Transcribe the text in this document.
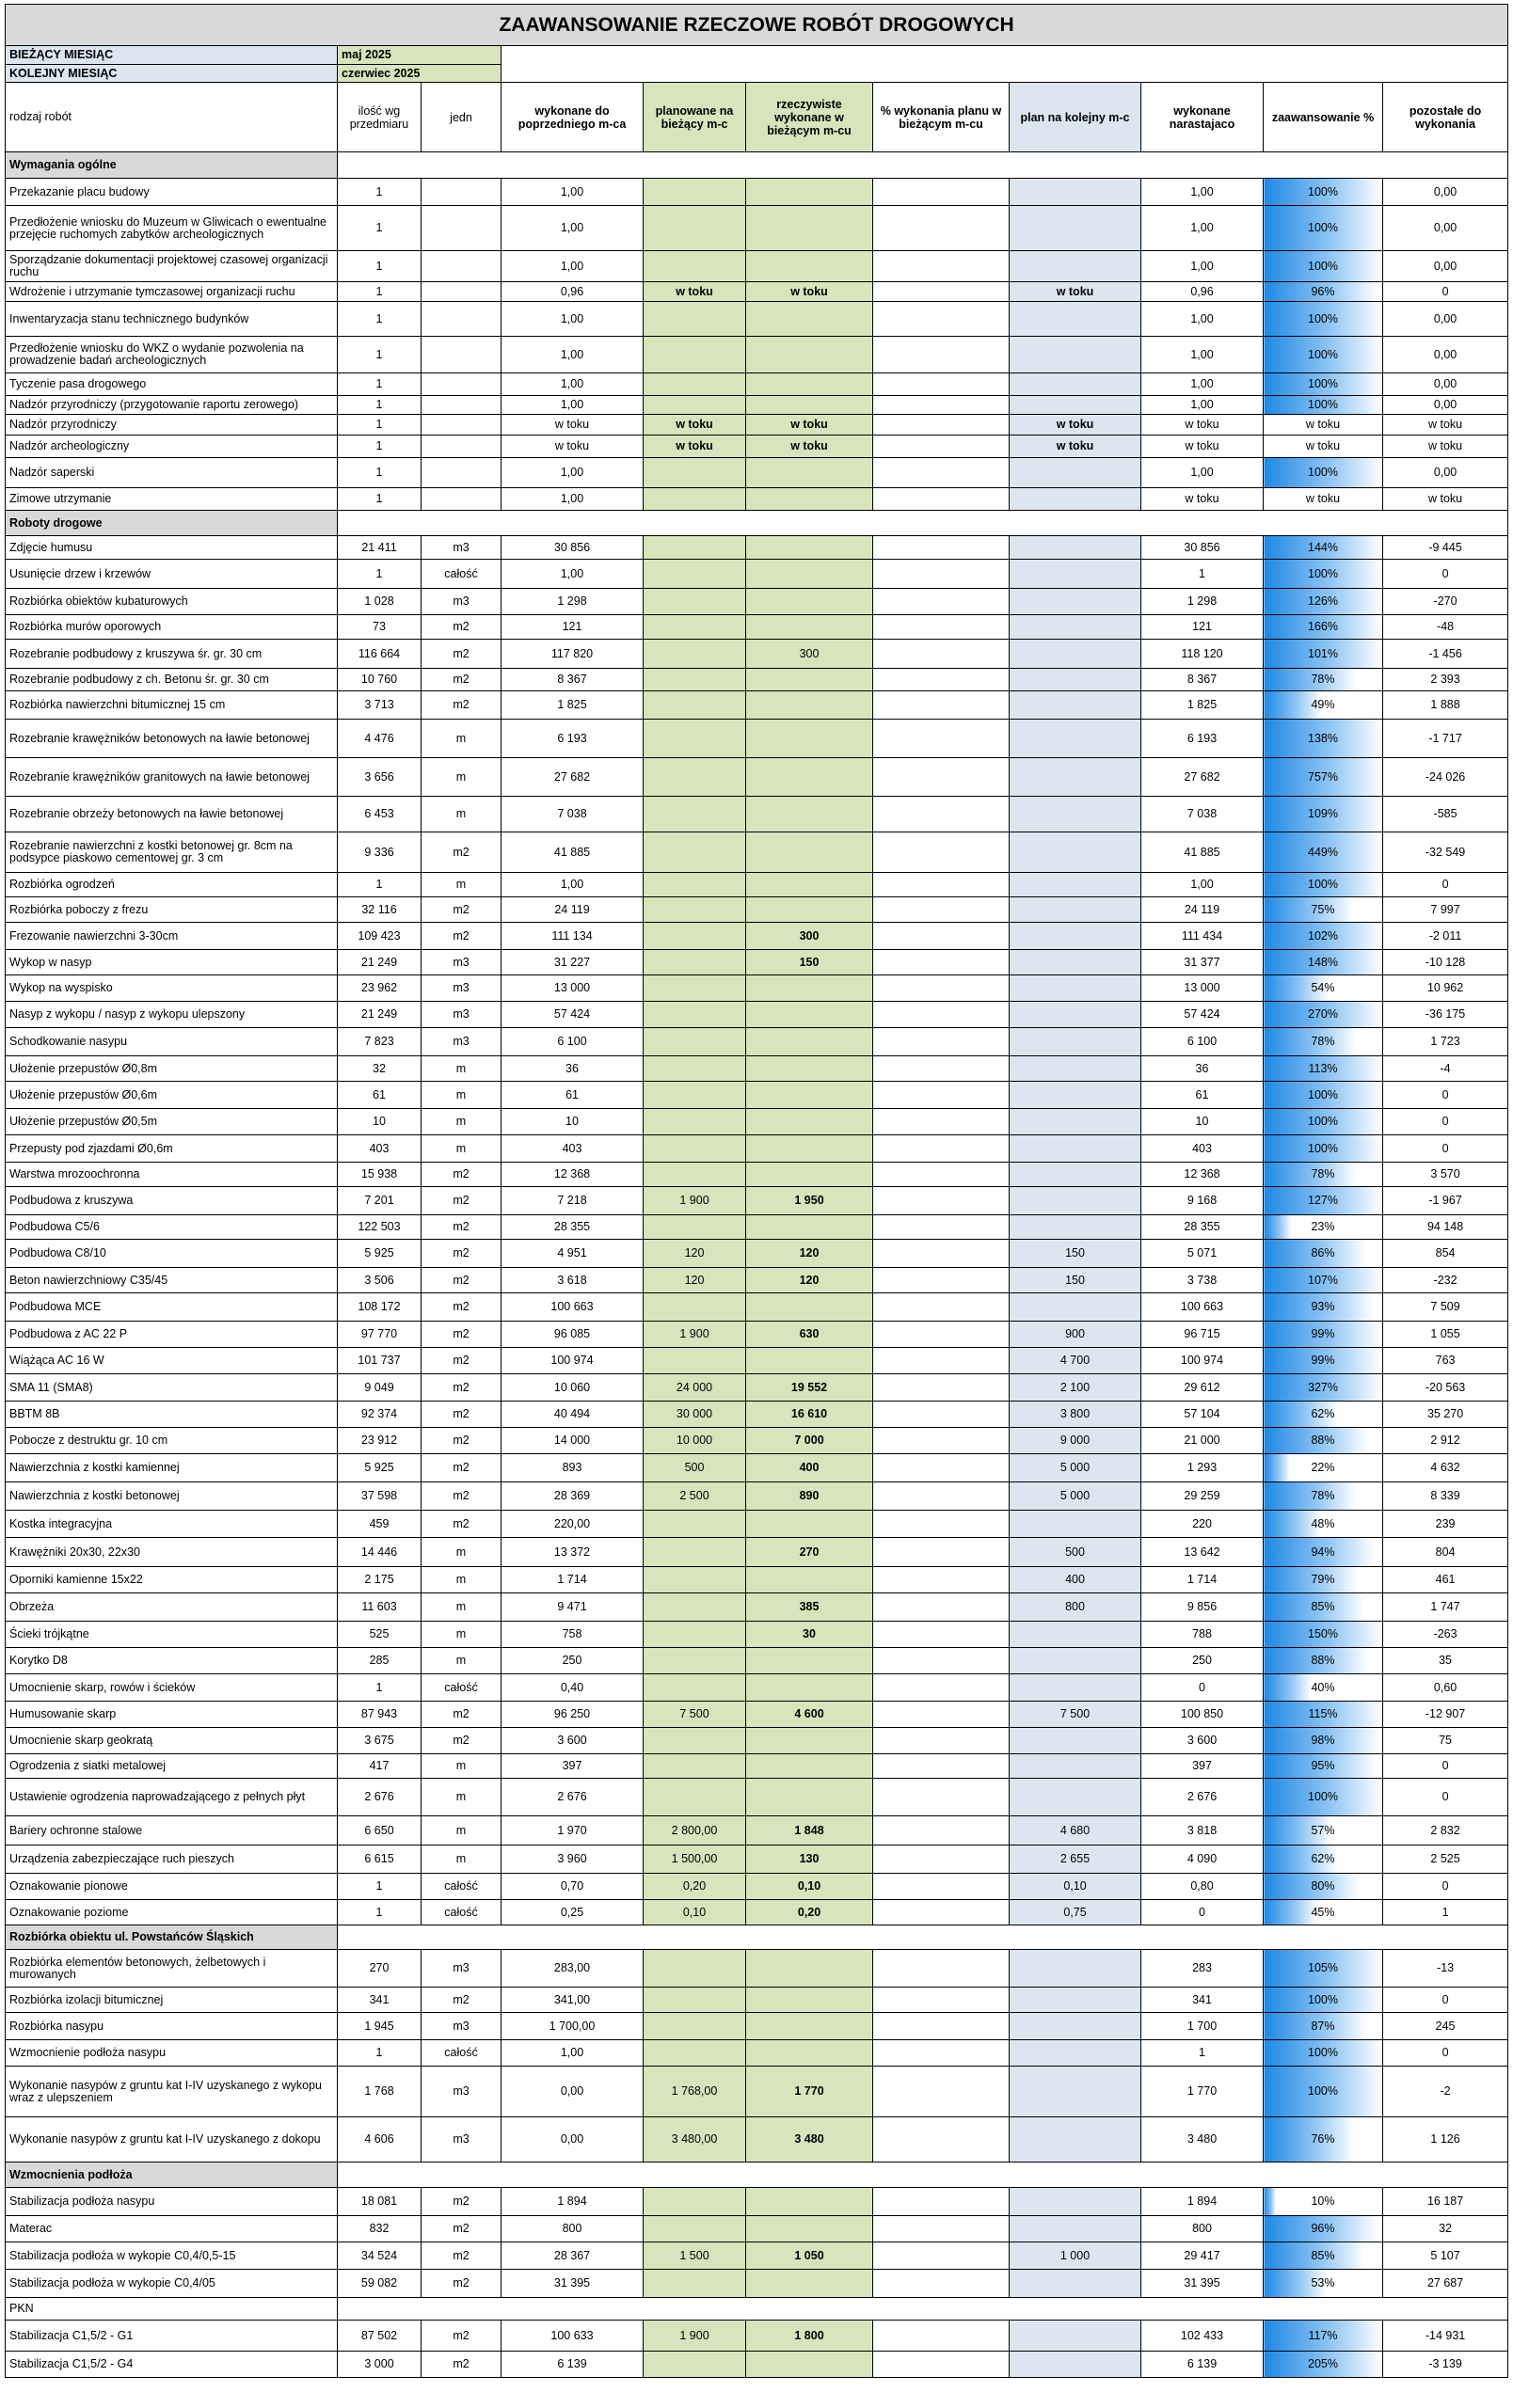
ZAAWANSOWANIE RZECZOWE ROBÓT DROGOWYCH										
BIEŻĄCY MIESIĄC	maj 2025									
KOLEJNY MIESIĄC	czerwiec 2025									
rodzaj robót	ilość wg przedmiaru	jedn	wykonane do poprzedniego m-ca	planowane na bieżący m-c	rzeczywiste wykonane w bieżącym m-cu	% wykonania planu w bieżącym m-cu	plan na kolejny m-c	wykonane narastajaco	zaawansowanie %	pozostałe do wykonania
Wymagania ogólne										
Przekazanie placu budowy	1		1,00					1,00	100%	0,00
Przedłożenie wniosku do Muzeum w Gliwicach o ewentualne przejęcie ruchomych zabytków archeologicznych	1		1,00					1,00	100%	0,00
Sporządzanie dokumentacji projektowej czasowej organizacji ruchu	1		1,00					1,00	100%	0,00
Wdrożenie i utrzymanie tymczasowej organizacji ruchu	1		0,96	w toku	w toku		w toku	0,96	96%	0
Inwentaryzacja stanu technicznego budynków	1		1,00					1,00	100%	0,00
Przedłożenie wniosku do WKZ o wydanie pozwolenia na prowadzenie badań archeologicznych	1		1,00					1,00	100%	0,00
Tyczenie pasa drogowego	1		1,00					1,00	100%	0,00
Nadzór przyrodniczy (przygotowanie raportu zerowego)	1		1,00					1,00	100%	0,00
Nadzór przyrodniczy	1		w toku	w toku	w toku		w toku	w toku	w toku	w toku
Nadzór archeologiczny	1		w toku	w toku	w toku		w toku	w toku	w toku	w toku
Nadzór saperski	1		1,00					1,00	100%	0,00
Zimowe utrzymanie	1		1,00					w toku	w toku	w toku
Roboty drogowe										
Zdjęcie humusu	21 411	m3	30 856					30 856	144%	-9 445
Usunięcie drzew i krzewów	1	całość	1,00					1	100%	0
Rozbiórka obiektów kubaturowych	1 028	m3	1 298					1 298	126%	-270
Rozbiórka murów oporowych	73	m2	121					121	166%	-48
Rozebranie podbudowy z kruszywa śr. gr. 30 cm	116 664	m2	117 820		300			118 120	101%	-1 456
Rozebranie podbudowy z ch. Betonu śr. gr. 30 cm	10 760	m2	8 367					8 367	78%	2 393
Rozbiórka nawierzchni bitumicznej 15 cm	3 713	m2	1 825					1 825	49%	1 888
Rozebranie krawężników betonowych na ławie betonowej	4 476	m	6 193					6 193	138%	-1 717
Rozebranie krawężników granitowych na ławie betonowej	3 656	m	27 682					27 682	757%	-24 026
Rozebranie obrzeży betonowych na ławie betonowej	6 453	m	7 038					7 038	109%	-585
Rozebranie nawierzchni z kostki betonowej gr. 8cm na podsypce piaskowo cementowej gr. 3 cm	9 336	m2	41 885					41 885	449%	-32 549
Rozbiórka ogrodzeń	1	m	1,00					1,00	100%	0
Rozbiórka poboczy z frezu	32 116	m2	24 119					24 119	75%	7 997
Frezowanie nawierzchni 3-30cm	109 423	m2	111 134		300			111 434	102%	-2 011
Wykop w nasyp	21 249	m3	31 227		150			31 377	148%	-10 128
Wykop na wyspisko	23 962	m3	13 000					13 000	54%	10 962
Nasyp z wykopu / nasyp z wykopu ulepszony	21 249	m3	57 424					57 424	270%	-36 175
Schodkowanie nasypu	7 823	m3	6 100					6 100	78%	1 723
Ułożenie przepustów Ø0,8m	32	m	36					36	113%	-4
Ułożenie przepustów Ø0,6m	61	m	61					61	100%	0
Ułożenie przepustów Ø0,5m	10	m	10					10	100%	0
Przepusty pod zjazdami Ø0,6m	403	m	403					403	100%	0
Warstwa mrozoochronna	15 938	m2	12 368					12 368	78%	3 570
Podbudowa z kruszywa	7 201	m2	7 218	1 900	1 950			9 168	127%	-1 967
Podbudowa C5/6	122 503	m2	28 355					28 355	23%	94 148
Podbudowa C8/10	5 925	m2	4 951	120	120		150	5 071	86%	854
Beton nawierzchniowy C35/45	3 506	m2	3 618	120	120		150	3 738	107%	-232
Podbudowa MCE	108 172	m2	100 663					100 663	93%	7 509
Podbudowa z AC 22 P	97 770	m2	96 085	1 900	630		900	96 715	99%	1 055
Wiążąca AC 16 W	101 737	m2	100 974				4 700	100 974	99%	763
SMA 11 (SMA8)	9 049	m2	10 060	24 000	19 552		2 100	29 612	327%	-20 563
BBTM 8B	92 374	m2	40 494	30 000	16 610		3 800	57 104	62%	35 270
Pobocze z destruktu gr. 10 cm	23 912	m2	14 000	10 000	7 000		9 000	21 000	88%	2 912
Nawierzchnia z kostki kamiennej	5 925	m2	893	500	400		5 000	1 293	22%	4 632
Nawierzchnia z kostki betonowej	37 598	m2	28 369	2 500	890		5 000	29 259	78%	8 339
Kostka integracyjna	459	m2	220,00					220	48%	239
Krawężniki 20x30, 22x30	14 446	m	13 372		270		500	13 642	94%	804
Oporniki kamienne 15x22	2 175	m	1 714				400	1 714	79%	461
Obrzeża	11 603	m	9 471		385		800	9 856	85%	1 747
Ścieki trójkątne	525	m	758		30			788	150%	-263
Korytko D8	285	m	250					250	88%	35
Umocnienie skarp, rowów i ścieków	1	całość	0,40					0	40%	0,60
Humusowanie skarp	87 943	m2	96 250	7 500	4 600		7 500	100 850	115%	-12 907
Umocnienie skarp geokratą	3 675	m2	3 600					3 600	98%	75
Ogrodzenia z siatki metalowej	417	m	397					397	95%	0
Ustawienie ogrodzenia naprowadzającego z pełnych płyt	2 676	m	2 676					2 676	100%	0
Bariery ochronne stalowe	6 650	m	1 970	2 800,00	1 848		4 680	3 818	57%	2 832
Urządzenia zabezpieczające ruch pieszych	6 615	m	3 960	1 500,00	130		2 655	4 090	62%	2 525
Oznakowanie pionowe	1	całość	0,70	0,20	0,10		0,10	0,80	80%	0
Oznakowanie poziome	1	całość	0,25	0,10	0,20		0,75	0	45%	1
Rozbiórka obiektu ul. Powstańców Śląskich										
Rozbiórka elementów betonowych, żelbetowych i murowanych	270	m3	283,00					283	105%	-13
Rozbiórka izolacji bitumicznej	341	m2	341,00					341	100%	0
Rozbiórka nasypu	1 945	m3	1 700,00					1 700	87%	245
Wzmocnienie podłoża nasypu	1	całość	1,00					1	100%	0
Wykonanie nasypów z gruntu kat I-IV uzyskanego z wykopu wraz z ulepszeniem	1 768	m3	0,00	1 768,00	1 770			1 770	100%	-2
Wykonanie nasypów z gruntu kat I-IV uzyskanego z dokopu	4 606	m3	0,00	3 480,00	3 480			3 480	76%	1 126
Wzmocnienia podłoża										
Stabilizacja podłoża nasypu	18 081	m2	1 894					1 894	10%	16 187
Materac	832	m2	800					800	96%	32
Stabilizacja podłoża w wykopie C0,4/0,5-15	34 524	m2	28 367	1 500	1 050		1 000	29 417	85%	5 107
Stabilizacja podłoża w wykopie C0,4/05	59 082	m2	31 395					31 395	53%	27 687
PKN										
Stabilizacja C1,5/2 - G1	87 502	m2	100 633	1 900	1 800			102 433	117%	-14 931
Stabilizacja C1,5/2 - G4	3 000	m2	6 139					6 139	205%	-3 139
